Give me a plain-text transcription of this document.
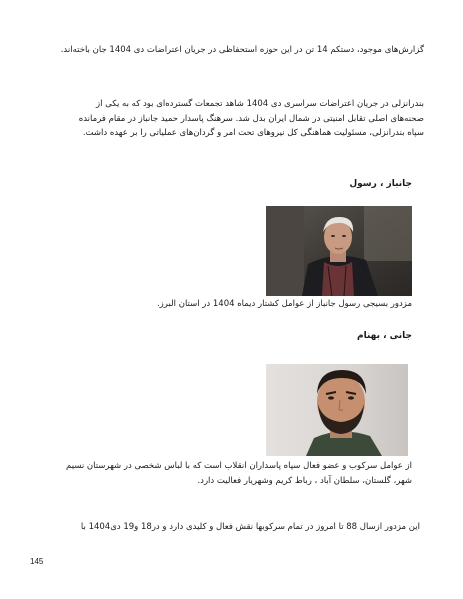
گزارش‌های موجود، دستکم 14 تن در این حوزه استحفاظی در جریان اعتراضات دی 1404 جان باخته‌اند.

بندرانزلی در جریان اعتراضات سراسری دی 1404 شاهد تجمعات گسترده‌ای بود که به یکی از صحنه‌های اصلی تقابل امنیتی در شمال ایران بدل شد. سرهنگ پاسدار حمید جانباز در مقام فرمانده سپاه بندرانزلی، مسئولیت هماهنگی کل نیروهای تحت امر و گردان‌های عملیاتی را بر عهده داشت.

جانباز ، رسول

مزدور بسیجی رسول جانباز از عوامل کشتار دیماه 1404 در استان البرز.

جانی ، بهنام

از عوامل سرکوب و عضو فعال سپاه پاسداران انقلاب است که با لباس شخصی در شهرستان نسیم شهر، گلستان، سلطان آباد ، رباط کریم وشهریار فعالیت دارد.

این مزدور ازسال 88 تا امروز در تمام سرکوبها نقش فعال و کلیدی دارد و در18 و19 دی1404 با

145
